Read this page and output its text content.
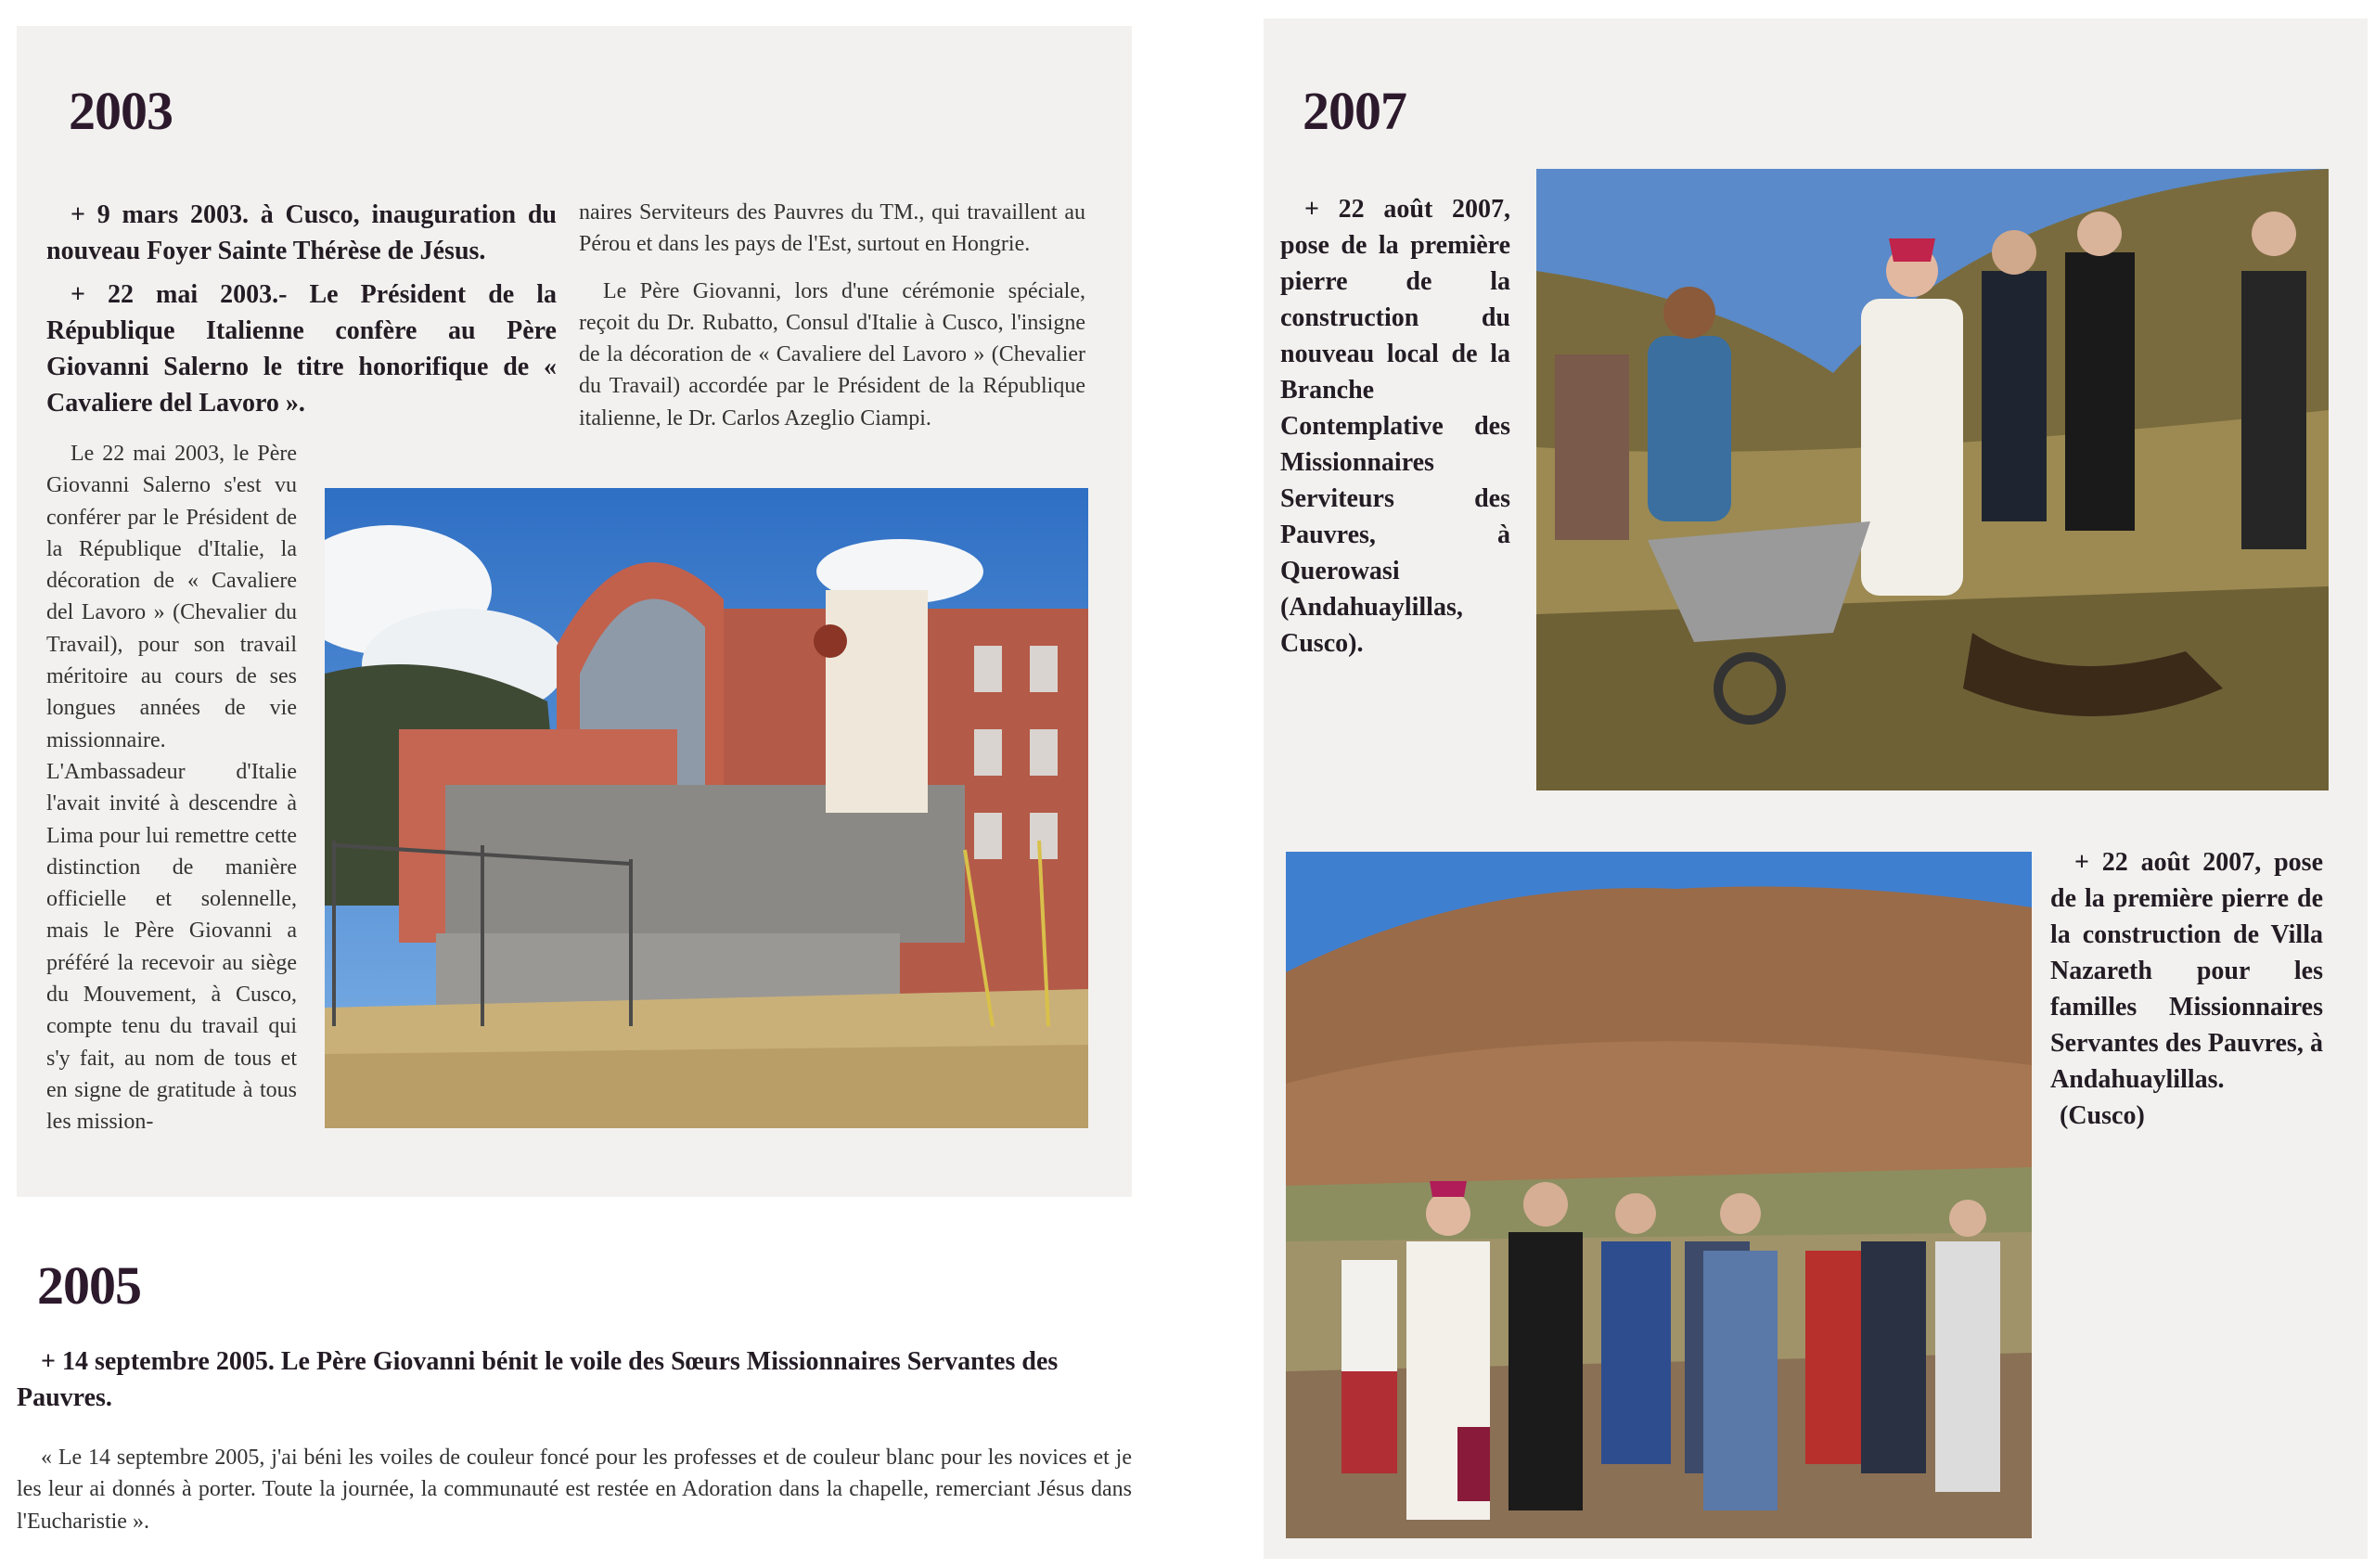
2003

+ 9 mars 2003. à Cusco, inauguration du nouveau Foyer Sainte Thérèse de Jésus.

+ 22 mai 2003.- Le Président de la République Italienne confère au Père Giovanni Salerno le titre honorifique de « Cavaliere del Lavoro ».

Le 22 mai 2003, le Père Giovanni Salerno s'est vu conférer par le Président de la République d'Italie, la décoration de « Cavaliere del Lavoro » (Chevalier du Travail), pour son travail méritoire au cours de ses longues années de vie missionnaire. L'Ambassadeur d'Italie l'avait invité à descendre à Lima pour lui remettre cette distinction de manière officielle et solennelle, mais le Père Giovanni a préféré la recevoir au siège du Mouvement, à Cusco, compte tenu du travail qui s'y fait, au nom de tous et en signe de gratitude à tous les mission-

naires Serviteurs des Pauvres du TM., qui travaillent au Pérou et dans les pays de l'Est, surtout en Hongrie.

Le Père Giovanni, lors d'une cérémonie spéciale, reçoit du Dr. Rubatto, Consul d'Italie à Cusco, l'insigne de la décoration de « Cavaliere del Lavoro » (Chevalier du Travail) accordée par le Président de la République italienne, le Dr. Carlos Azeglio Ciampi.

2005

+ 14 septembre 2005. Le Père Giovanni bénit le voile des Sœurs Missionnaires Servantes des Pauvres.

« Le 14 septembre 2005, j'ai béni les voiles de couleur foncé pour les professes et de couleur blanc pour les novices et je les leur ai donnés à porter. Toute la journée, la communauté est restée en Adoration dans la chapelle, remerciant Jésus dans l'Eucharistie ».

2007

+ 22 août 2007, pose de la première pierre de la construction du nouveau local de la Branche Contemplative des Missionnaires Serviteurs des Pauvres, à Querowasi (Andahuaylillas, Cusco).

+ 22 août 2007, pose de la première pierre de la construction de Villa Nazareth pour les familles Missionnaires Servantes des Pauvres, à Andahuaylillas.

(Cusco)
